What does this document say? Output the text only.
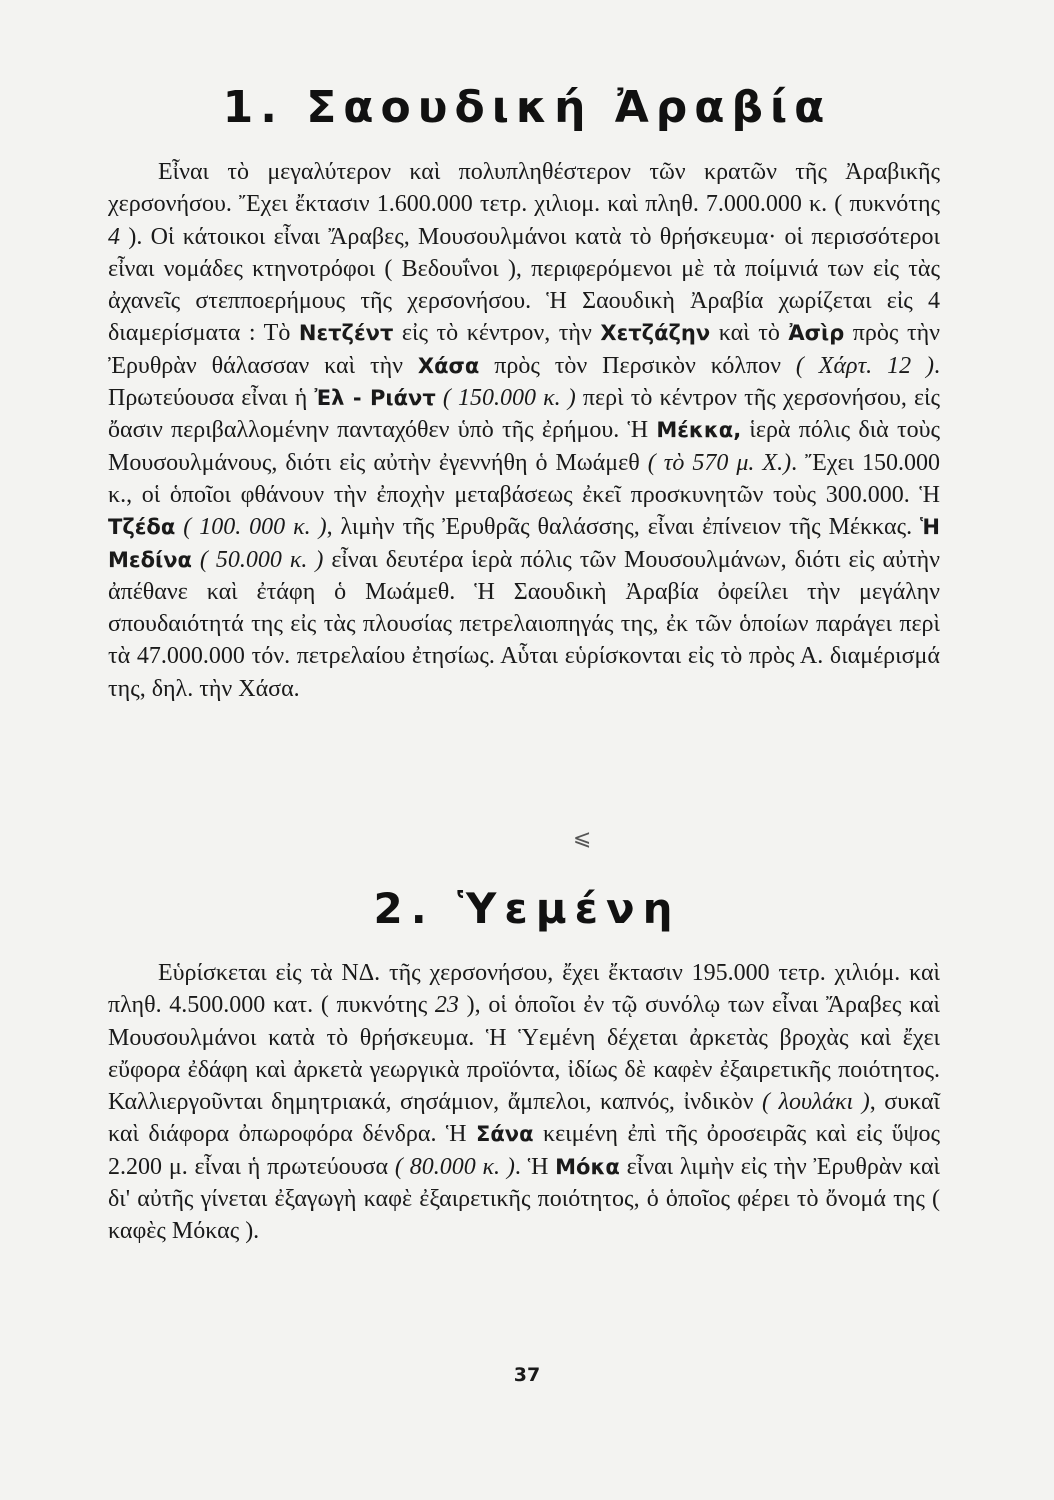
1. Σαουδική Ἀραβία

Εἶναι τὸ μεγαλύτερον καὶ πολυπληθέστερον τῶν κρατῶν τῆς Ἀραβικῆς χερσονήσου. Ἔχει ἔκτασιν 1.600.000 τετρ. χιλιομ. καὶ πληθ. 7.000.000 κ. ( πυκνότης 4 ). Οἱ κάτοικοι εἶναι Ἄραβες, Μουσουλμάνοι κατὰ τὸ θρήσκευμα· οἱ περισσότεροι εἶναι νομάδες κτηνοτρόφοι ( Βεδουΐνοι ), περιφερόμενοι μὲ τὰ ποίμνιά των εἰς τὰς ἀχανεῖς στεπποερήμους τῆς χερσονήσου. Ἡ Σαουδικὴ Ἀραβία χωρίζεται εἰς 4 διαμερίσματα : Τὸ Νετζέντ εἰς τὸ κέντρον, τὴν Χετζάζην καὶ τὸ Ἀσὶρ πρὸς τὴν Ἐρυθρὰν θάλασσαν καὶ τὴν Χάσα πρὸς τὸν Περσικὸν κόλπον ( Χάρτ. 12 ). Πρωτεύουσα εἶναι ἡ Ἐλ - Ριάντ ( 150.000 κ. ) περὶ τὸ κέντρον τῆς χερσονήσου, εἰς ὄασιν περιβαλλομένην πανταχόθεν ὑπὸ τῆς ἐρήμου. Ἡ Μέκκα, ἱερὰ πόλις διὰ τοὺς Μουσουλμάνους, διότι εἰς αὐτὴν ἐγεννήθη ὁ Μωάμεθ ( τὸ 570 μ. Χ.). Ἔχει 150.000 κ., οἱ ὁποῖοι φθάνουν τὴν ἐποχὴν μεταβάσεως ἐκεῖ προσκυνητῶν τοὺς 300.000. Ἡ Τζέδα ( 100. 000 κ. ), λιμὴν τῆς Ἐρυθρᾶς θαλάσσης, εἶναι ἐπίνειον τῆς Μέκκας. Ἡ Μεδίνα ( 50.000 κ. ) εἶναι δευτέρα ἱερὰ πόλις τῶν Μουσουλμάνων, διότι εἰς αὐτὴν ἀπέθανε καὶ ἐτάφη ὁ Μωάμεθ. Ἡ Σαουδικὴ Ἀραβία ὀφείλει τὴν μεγάλην σπουδαιότητά της εἰς τὰς πλουσίας πετρελαιοπηγάς της, ἐκ τῶν ὁποίων παράγει περὶ τὰ 47.000.000 τόν. πετρελαίου ἐτησίως. Αὗται εὑρίσκονται εἰς τὸ πρὸς Α. διαμέρισμά της, δηλ. τὴν Χάσα.

⩽
2. Ὑεμένη

Εὑρίσκεται εἰς τὰ ΝΔ. τῆς χερσονήσου, ἔχει ἔκτασιν 195.000 τετρ. χιλιόμ. καὶ πληθ. 4.500.000 κατ. ( πυκνότης 23 ), οἱ ὁποῖοι ἐν τῷ συνόλῳ των εἶναι Ἄραβες καὶ Μουσουλμάνοι κατὰ τὸ θρήσκευμα. Ἡ Ὑεμένη δέχεται ἀρκετὰς βροχὰς καὶ ἔχει εὔφορα ἐδάφη καὶ ἀρκετὰ γεωργικὰ προϊόντα, ἰδίως δὲ καφὲν ἐξαιρετικῆς ποιότητος. Καλλιεργοῦνται δημητριακά, σησάμιον, ἄμπελοι, καπνός, ἰνδικὸν ( λουλάκι ), συκαῖ καὶ διάφορα ὀπωροφόρα δένδρα. Ἡ Σάνα κειμένη ἐπὶ τῆς ὀροσειρᾶς καὶ εἰς ὕψος 2.200 μ. εἶναι ἡ πρωτεύουσα ( 80.000 κ. ). Ἡ Μόκα εἶναι λιμὴν εἰς τὴν Ἐρυθρὰν καὶ δι' αὐτῆς γίνεται ἐξαγωγὴ καφὲ ἐξαιρετικῆς ποιότητος, ὁ ὁποῖος φέρει τὸ ὄνομά της ( καφὲς Μόκας ).

37
